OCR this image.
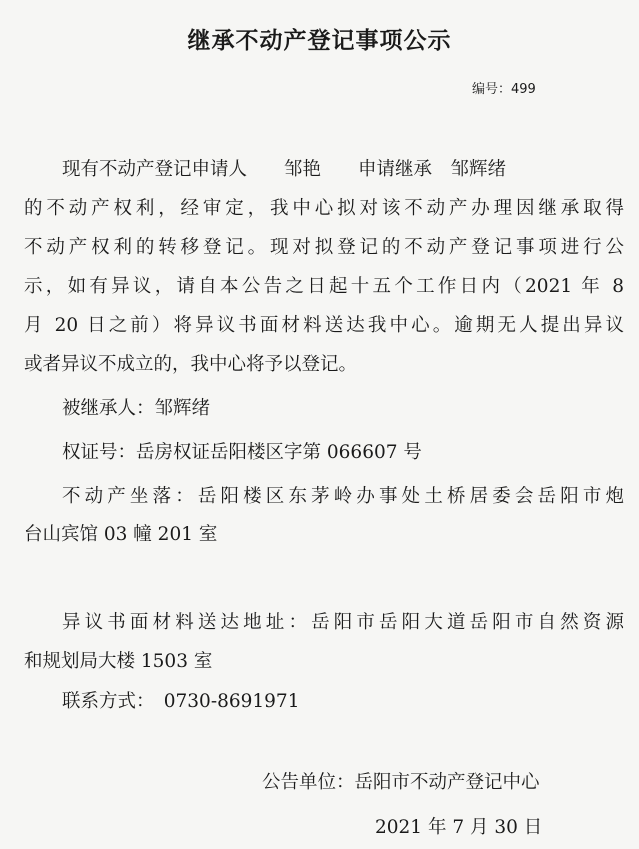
继承不动产登记事项公示
编号：499
现有不动产登记申请人　　邹艳　　申请继承　邹辉绪
的不动产权利，经审定，我中心拟对该不动产办理因继承取得
不动产权利的转移登记。现对拟登记的不动产登记事项进行公
示，如有异议，请自本公告之日起十五个工作日内（2021 年 8
月 20 日之前）将异议书面材料送达我中心。逾期无人提出异议
或者异议不成立的，我中心将予以登记。
被继承人：邹辉绪
权证号：岳房权证岳阳楼区字第 066607 号
不动产坐落：岳阳楼区东茅岭办事处土桥居委会岳阳市炮
台山宾馆 03 幢 201 室
异议书面材料送达地址：岳阳市岳阳大道岳阳市自然资源
和规划局大楼 1503 室
联系方式：　0730-8691971
公告单位：岳阳市不动产登记中心
2021 年 7 月 30 日
